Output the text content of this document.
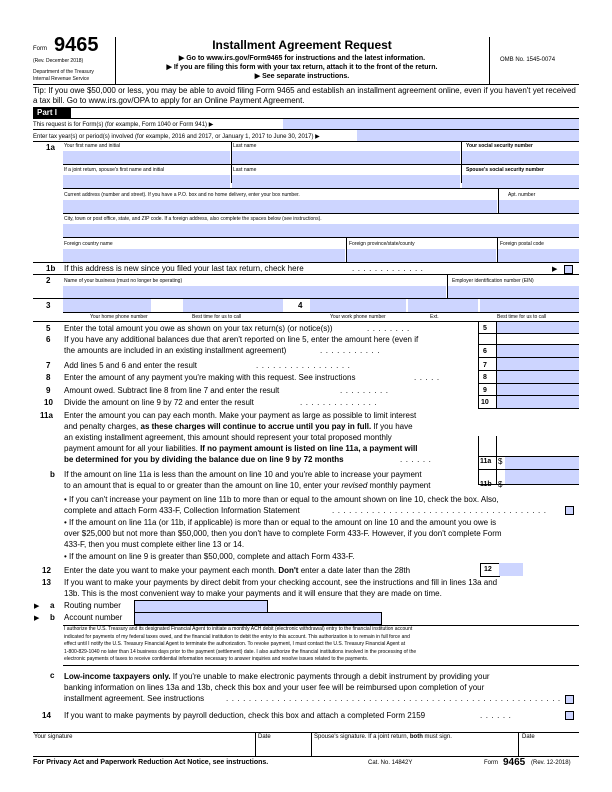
Form 9465
(Rev. December 2018)
Department of the Treasury
Internal Revenue Service
Installment Agreement Request
▶ Go to www.irs.gov/Form9465 for instructions and the latest information.
▶ If you are filing this form with your tax return, attach it to the front of the return.
▶ See separate instructions.
OMB No. 1545-0074
Tip: If you owe $50,000 or less, you may be able to avoid filing Form 9465 and establish an installment agreement online, even if you haven't yet received a tax bill. Go to www.irs.gov/OPA to apply for an Online Payment Agreement.
Part I
This request is for Form(s) (for example, Form 1040 or Form 941) ▶
Enter tax year(s) or period(s) involved (for example, 2016 and 2017, or January 1, 2017 to June 30, 2017) ▶
1a Your first name and initial	Last name	Your social security number
If a joint return, spouse's first name and initial	Last name	Spouse's social security number
Current address (number and street). If you have a P.O. box and no home delivery, enter your box number.	Apt. number
City, town or post office, state, and ZIP code. If a foreign address, also complete the spaces below (see instructions).
Foreign country name	Foreign province/state/county	Foreign postal code
1b If this address is new since you filed your last tax return, check here	.............	▶
2	Name of your business (must no longer be operating)	Employer identification number (EIN)
3	4
Your home phone number	Best time for us to call	Your work phone number	Ext.	Best time for us to call
5 Enter the total amount you owe as shown on your tax return(s) (or notice(s))	........	5
6 If you have any additional balances due that aren't reported on line 5, enter the amount here (even if
the amounts are included in an existing installment agreement)	...........	6
7 Add lines 5 and 6 and enter the result	.................	7
8 Enter the amount of any payment you're making with this request. See instructions	.....	8
9 Amount owed. Subtract line 8 from line 7 and enter the result	.........	9
10 Divide the amount on line 9 by 72 and enter the result	..............	10
11a Enter the amount you can pay each month. Make your payment as large as possible to limit interest
and penalty charges, as these charges will continue to accrue until you pay in full. If you have
an existing installment agreement, this amount should represent your total proposed monthly
payment amount for all your liabilities. If no payment amount is listed on line 11a, a payment will
be determined for you by dividing the balance due on line 9 by 72 months	......	11a $
b If the amount on line 11a is less than the amount on line 10 and you're able to increase your payment
to an amount that is equal to or greater than the amount on line 10, enter your revised monthly payment	11b $
• If you can't increase your payment on line 11b to more than or equal to the amount shown on line 10, check the box. Also,
complete and attach Form 433-F, Collection Information Statement	......................................
• If the amount on line 11a (or 11b, if applicable) is more than or equal to the amount on line 10 and the amount you owe is
over $25,000 but not more than $50,000, then you don't have to complete Form 433-F. However, if you don't complete Form
433-F, then you must complete either line 13 or 14.
• If the amount on line 9 is greater than $50,000, complete and attach Form 433-F.
12 Enter the date you want to make your payment each month. Don't enter a date later than the 28th	12
13 If you want to make your payments by direct debit from your checking account, see the instructions and fill in lines 13a and
13b. This is the most convenient way to make your payments and it will ensure that they are made on time.
▶ a Routing number
▶ b Account number
I authorize the U.S. Treasury and its designated Financial Agent to initiate a monthly ACH debit (electronic withdrawal) entry to the financial institution account
indicated for payments of my federal taxes owed, and the financial institution to debit the entry to this account. This authorization is to remain in full force and
effect until I notify the U.S. Treasury Financial Agent to terminate the authorization. To revoke payment, I must contact the U.S. Treasury Financial Agent at
1-800-829-1040 no later than 14 business days prior to the payment (settlement) date. I also authorize the financial institutions involved in the processing of the
electronic payments of taxes to receive confidential information necessary to answer inquiries and resolve issues related to the payments.
c Low-income taxpayers only. If you're unable to make electronic payments through a debit instrument by providing your
banking information on lines 13a and 13b, check this box and your user fee will be reimbursed upon completion of your
installment agreement. See instructions	...........................................................
14 If you want to make payments by payroll deduction, check this box and attach a completed Form 2159	......
Your signature	Date	Spouse's signature. If a joint return, both must sign.	Date
For Privacy Act and Paperwork Reduction Act Notice, see instructions.	Cat. No. 14842Y	Form 9465 (Rev. 12-2018)
